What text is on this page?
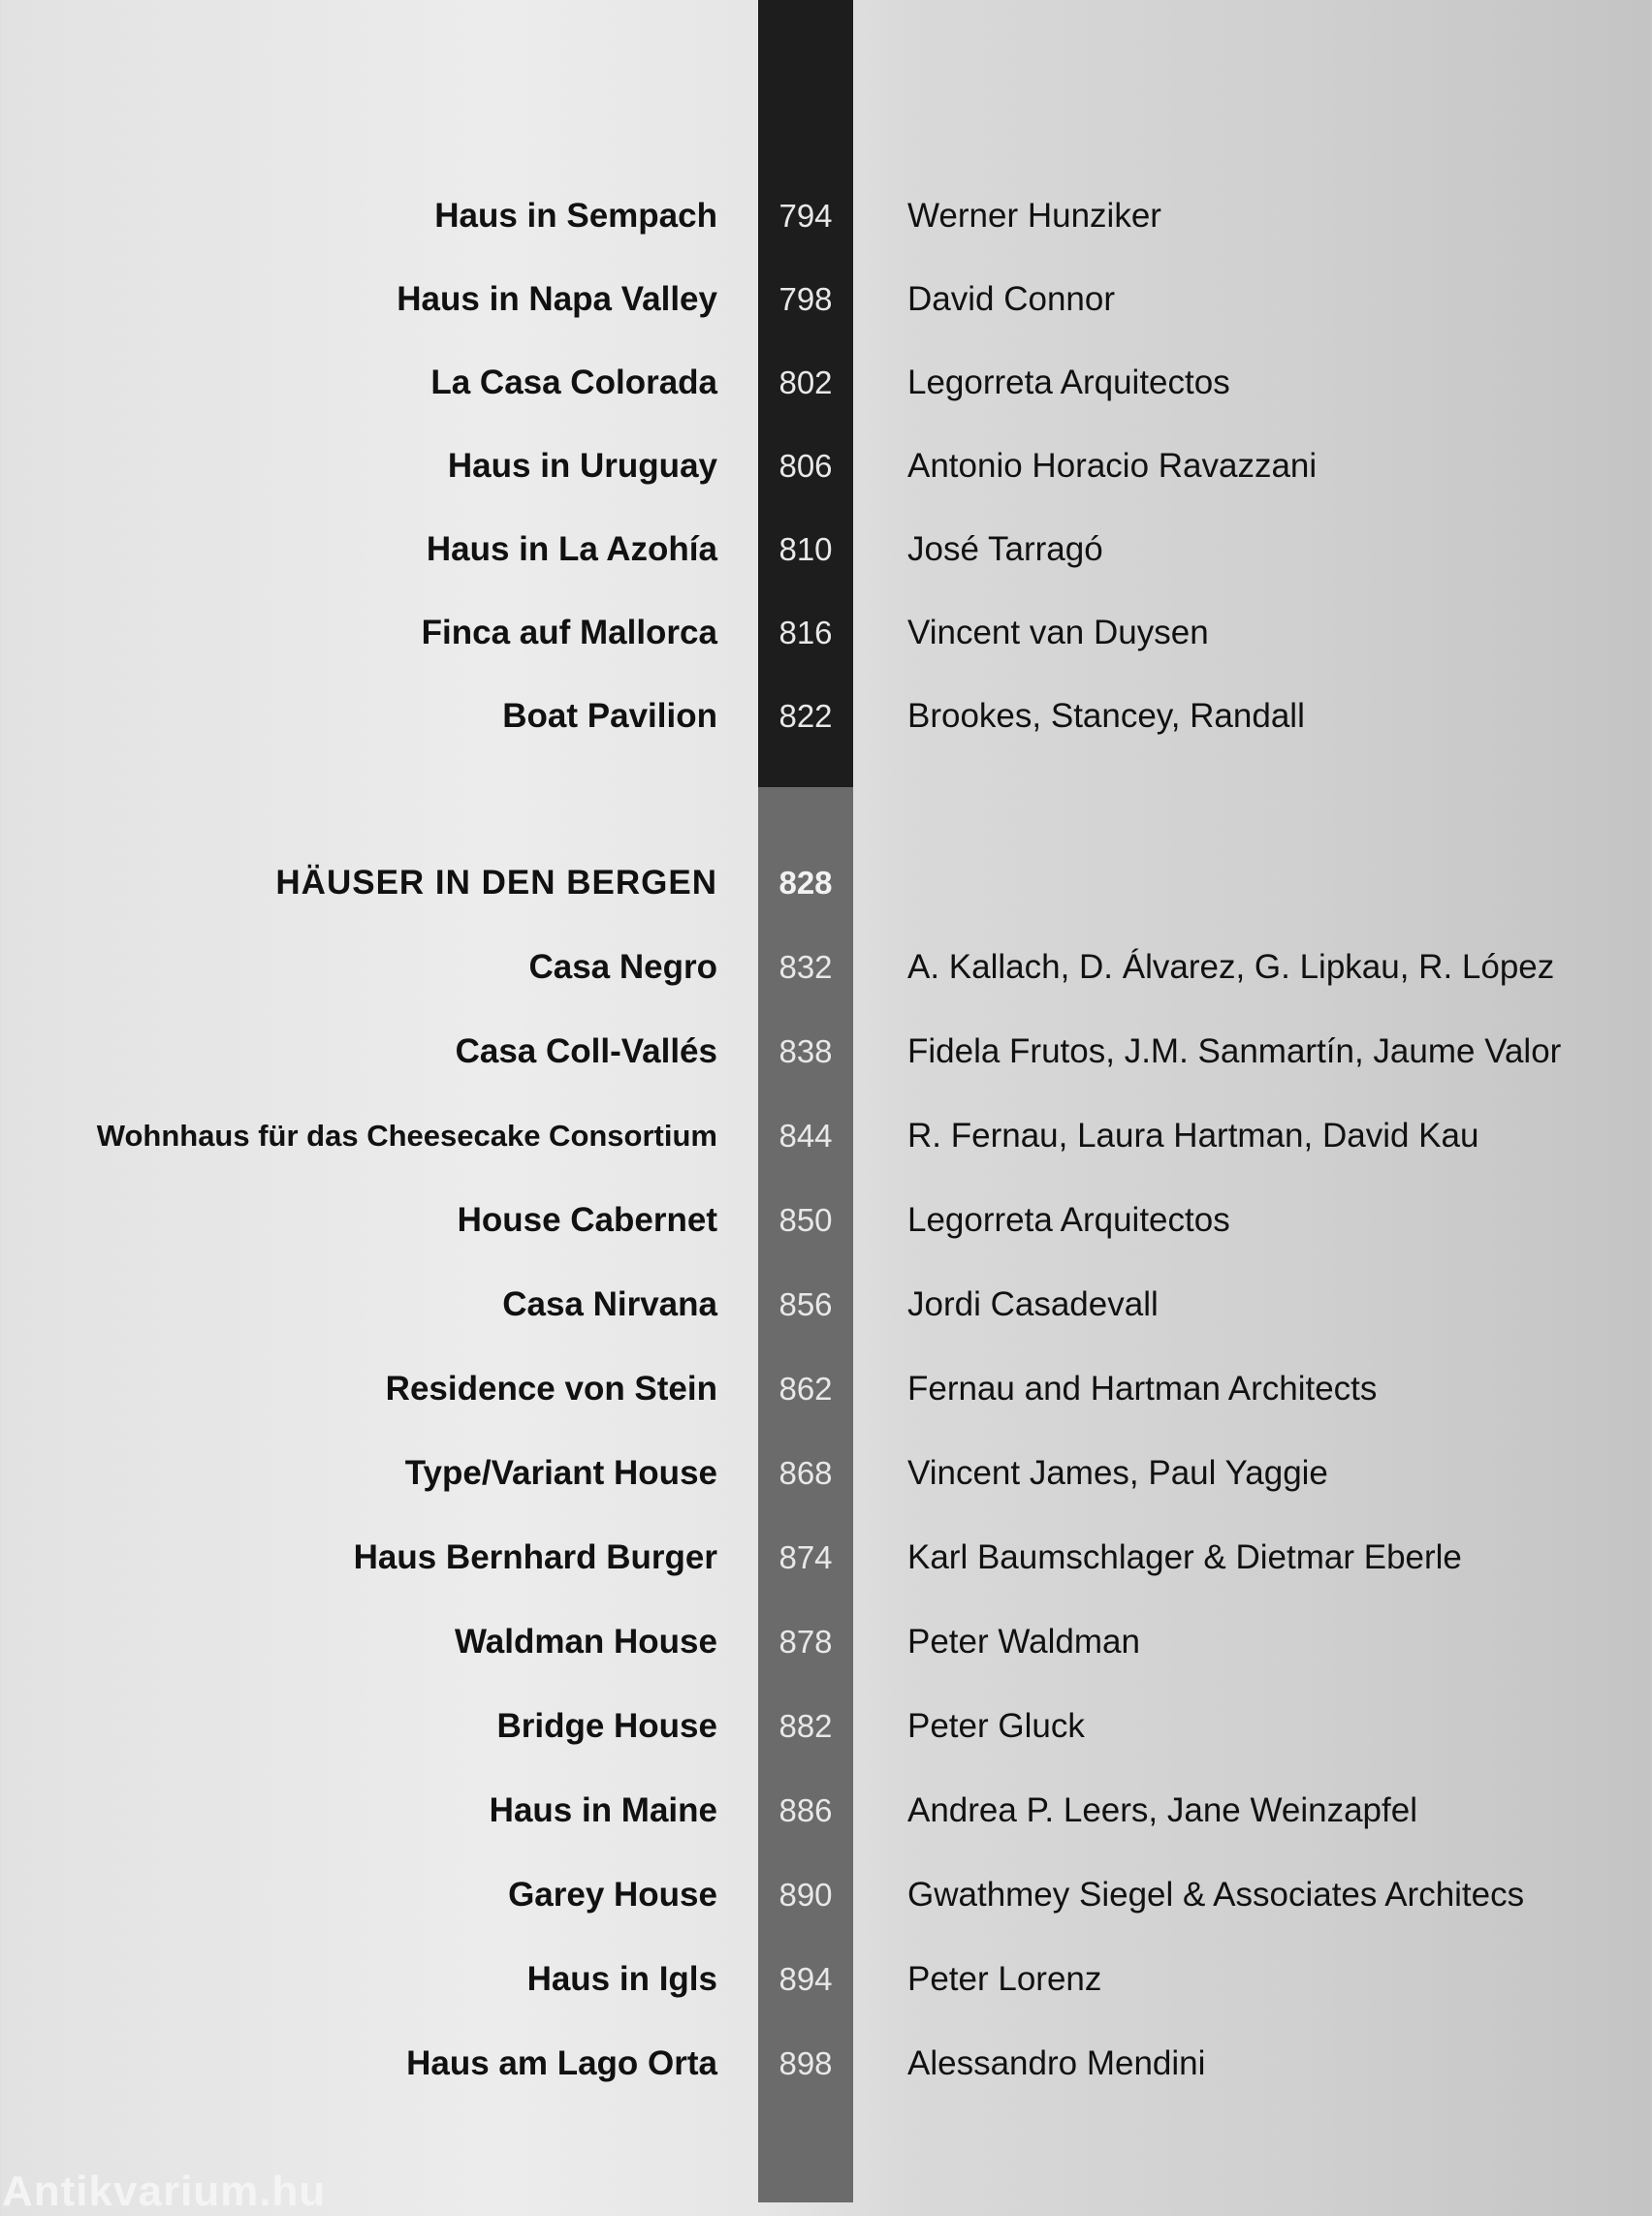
Haus in Sempach	794	Werner Hunziker
Haus in Napa Valley	798	David Connor
La Casa Colorada	802	Legorreta Arquitectos
Haus in Uruguay	806	Antonio Horacio Ravazzani
Haus in La Azohía	810	José Tarragó
Finca auf Mallorca	816	Vincent van Duysen
Boat Pavilion	822	Brookes, Stancey, Randall
HÄUSER IN DEN BERGEN	828
Casa Negro	832	A. Kallach, D. Álvarez, G. Lipkau, R. López
Casa Coll-Vallés	838	Fidela Frutos, J.M. Sanmartín, Jaume Valor
Wohnhaus für das Cheesecake Consortium	844	R. Fernau, Laura Hartman, David Kau
House Cabernet	850	Legorreta Arquitectos
Casa Nirvana	856	Jordi Casadevall
Residence von Stein	862	Fernau and Hartman Architects
Type/Variant House	868	Vincent James, Paul Yaggie
Haus Bernhard Burger	874	Karl Baumschlager & Dietmar Eberle
Waldman House	878	Peter Waldman
Bridge House	882	Peter Gluck
Haus in Maine	886	Andrea P. Leers, Jane Weinzapfel
Garey House	890	Gwathmey Siegel & Associates Architecs
Haus in Igls	894	Peter Lorenz
Haus am Lago Orta	898	Alessandro Mendini
Antikvarium.hu
